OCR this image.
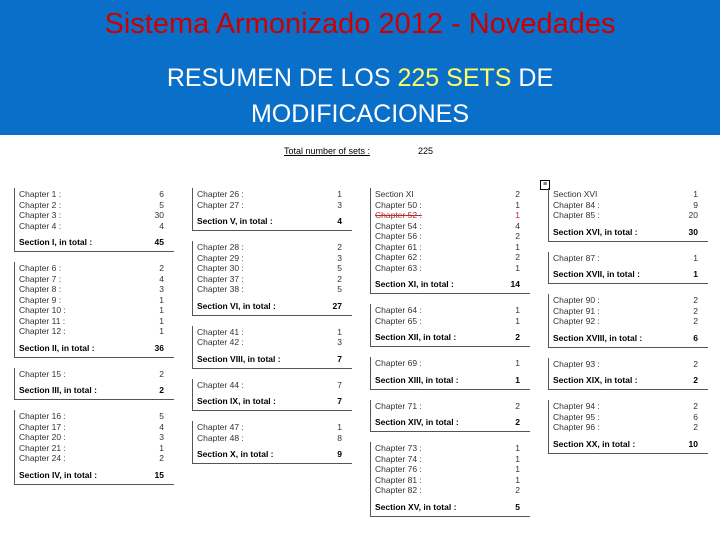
Sistema Armonizado 2012 - Novedades
RESUMEN DE LOS 225 SETS DE
MODIFICACIONES
Total number of sets :	225
≡
Chapter 1 :	6
Chapter 2 :	5
Chapter 3 :	30
Chapter 4 :	4
Section I, in total :	45
Chapter 6 :	2
Chapter 7 :	4
Chapter 8 :	3
Chapter 9 :	1
Chapter 10 :	1
Chapter 11 :	1
Chapter 12 :	1
Section II, in total :	36
Chapter 15 :	2
Section III, in total :	2
Chapter 16 :	5
Chapter 17 :	4
Chapter 20 :	3
Chapter 21 :	1
Chapter 24 :	2
Section IV, in total :	15
Chapter 26 :	1
Chapter 27 :	3
Section V, in total :	4
Chapter 28 :	2
Chapter 29 :	3
Chapter 30 :	5
Chapter 37 :	2
Chapter 38 :	5
Section VI, in total :	27
Chapter 41 :	1
Chapter 42 :	3
Section VIII, in total :	7
Chapter 44 :	7
Section IX, in total :	7
Chapter 47 :	1
Chapter 48 :	8
Section X, in total :	9
Section XI	2
Chapter 50 :	1
Chapter 52 :	1
Chapter 54 :	4
Chapter 56 :	2
Chapter 61 :	1
Chapter 62 :	2
Chapter 63 :	1
Section XI, in total :	14
Chapter 64 :	1
Chapter 65 :	1
Section XII, in total :	2
Chapter 69 :	1
Section XIII, in total :	1
Chapter 71 :	2
Section XIV, in total :	2
Chapter 73 :	1
Chapter 74 :	1
Chapter 76 :	1
Chapter 81 :	1
Chapter 82 :	2
Section XV, in total :	5
Section XVI	1
Chapter 84 :	9
Chapter 85 :	20
Section XVI, in total :	30
Chapter 87 :	1
Section XVII, in total :	1
Chapter 90 :	2
Chapter 91 :	2
Chapter 92 :	2
Section XVIII, in total :	6
Chapter 93 :	2
Section XIX, in total :	2
Chapter 94 :	2
Chapter 95 :	6
Chapter 96 :	2
Section XX, in total :	10
